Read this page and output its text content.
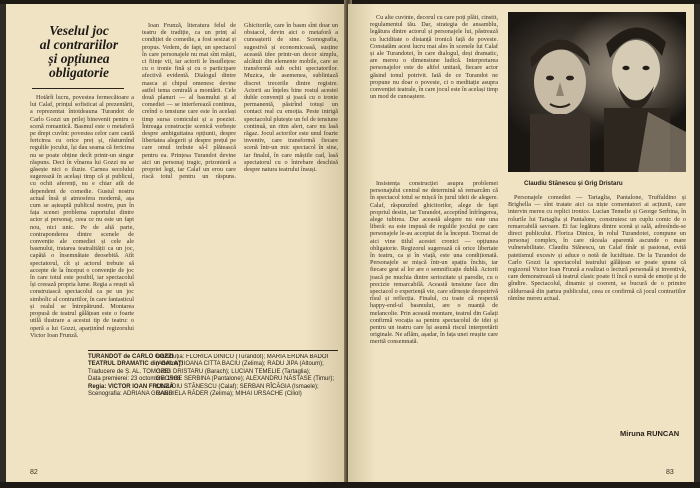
Veselul joc

al contrariilor

și opțiunea obligatorie

Hotărît lucru, povestea fermecătoare a lui Calaf, prințul sofisticat al prezentării, a reprezentat întotdeauna Turandot de Carlo Gozzi un prilej binevenit pentru o scenă romantică. Basmul este o metaforă pe drept cuvînt: povestea celor care caută fericirea cu orice preț și, răsturnînd regulile jocului, își dau seama că fericirea nu se poate obține decît printr-un singur răspuns. Deci în vînarea lui Gozzi nu se găsește nici o iluzie. Carnea secolului sugerează în același timp că și publicul, cu ochii aferenți, nu e chiar atît de dependent de comedie. Gustul nostru actual însă și atmosfera modernă, așa cum se așteaptă publicul nostru, pun în fața scenei problema raportului dintre actor și personaj, ceea ce nu este un fapt nou, nici unic. Pe de altă parte, contraponderea dintre scenele de convenție ale comediei și cele ale basmului, tratarea teatralității ca un joc, capătă o însemnătate deosebită. Atît spectatorul, cît și actorul trebuie să accepte de la început o convenție de joc în care totul este posibil, iar spectacolul își creează propria lume. Regia a reușit să construiască spectacolul ca pe un joc simbolic al contrariilor, în care fantasticul și realul se întrepătrund. Montarea propusă de teatrul gălățean este o foarte utilă ilustrare a acestui tip de teatru: o operă a lui Gozzi, aparținînd regizorului Victor Ioan Frunză.

Ioan Frunză, literatura felul de teatru de tradiție, ca un prinț al condiției de comedie, a fost sesizat și propus. Vedem, de fapt, un spectacol în care personajele nu mai sînt măști, ci ființe vii, iar actorii le însuflețesc cu o ironie fină și cu o participare afectivă evidentă. Dialogul dintre masca și chipul omenesc devine astfel tema centrală a montării. Cele două planuri — al basmului și al comediei — se interferează continuu, creînd o tensiune care este în același timp sursa comicului și a poeziei. Întreaga construcție scenică vorbește despre ambiguitatea opțiunii, despre libertatea alegerii și despre prețul pe care omul trebuie să-l plătească pentru ea. Prințesa Turandot devine aici un personaj tragic, prizonieră a propriei legi, iar Calaf un erou care riscă totul pentru un răspuns. Ghicitorile, care în basm sînt doar un obstacol, devin aici o metaforă a cunoașterii de sine. Scenografia, sugestivă și economicoasă, susține această idee printr-un decor simplu, alcătuit din elemente mobile, care se transformă sub ochii spectatorilor. Muzica, de asemenea, subliniază discret trecerile dintre registre. Actorii au înțeles bine rostul acestei duble convenții și joacă cu o ironie permanentă, păstrînd totuși un contact real cu emoția. Peste intrigă spectacolul plutește un fel de tensiune continuă, un ritm alert, care nu lasă răgaz. Jocul actorilor este unul foarte inventiv, care transformă fiecare scenă într-un mic spectacol în sine, iar finalul, în care măștile cad, lasă spectatorul cu o întrebare deschisă despre natura teatrului însuși.

TURANDOT de CARLO GOZZI
TEATRUL DRAMATIC din GALAȚI
Traducere de Ș. AL. TOMOZEI
Data premierei: 23 octombrie 1988
Regia: VICTOR IOAN FRUNZĂ
Scenografia: ADRIANA GRAND
Distribuția: FLORICA DINICU (Turandot); MARIA ERDNA BADOI (Adelma); IOANA CITTA BACIU (Zelima); RADU JIPA (Altoum); GRIG DRISTARU (Barach); LUCIAN TEMELIE (Tartaglia); GEORGE SERBINA (Pantalone); ALEXANDRU NĂSTASE (Timur); CLAUDIU STĂNESCU (Calaf); SERBAN RÎCĂGIA (Ismaele); GABRIELA RĂDER (Zelima); MIHAI URSACHE (Ciliol)
82

Cu alte cuvinte, decorul cu care poți plăti, cinstit, regulamentul tău. Dar, strategia de ansamblu, legătura dintre actorul și personajele lui, păstrează cu luciditate o distanță ironică față de poveste. Constatăm acest lucru mai ales în scenele lui Calaf și ale Turandotei, în care dialogul, deși dramatic, are mereu o dimensiune ludică. Interpretarea personajelor este de altfel unitară, fiecare actor găsind tonul potrivit. Iată de ce Turandot ne propune nu doar o poveste, ci o meditație asupra convenției teatrale, în care jocul este în același timp un mod de cunoaștere.

Claudiu Stănescu și Grig Dristaru

Insistența construcției asupra problemei personajului central ne determină să remarcăm că în spectacol totul se mișcă în jurul ideii de alegere. Calaf, răspunzînd ghicitorilor, alege de fapt propriul destin, iar Turandot, acceptînd înfrîngerea, alege iubirea. Dar această alegere nu este una liberă: ea este impusă de regulile jocului pe care personajele le-au acceptat de la început. Tocmai de aici vine titlul acestei cronici — opțiunea obligatorie. Regizorul sugerează că orice libertate în teatru, ca și în viață, este una condiționată. Personajele se mișcă într-un spațiu închis, iar fiecare gest al lor are o semnificație dublă. Actorii joacă pe muchia dintre seriozitate și parodie, cu o precizie remarcabilă. Această tensiune face din spectacol o experiență vie, care stîrnește deopotrivă rîsul și reflecția. Finalul, cu toate că respectă happy-end-ul basmului, are o nuanță de melancolie. Prin această montare, teatrul din Galați confirmă vocația sa pentru spectacolul de idei și pentru un teatru care își asumă riscul interpretării originale. Ne aflăm, așadar, în fața unei reușite care merită consemnată.

Personajele comediei — Tartaglia, Pantalone, Truffaldino și Brighella — sînt tratate aici ca niște comentatori ai acțiunii, care intervin mereu cu replici ironice. Lucian Temelie și George Serbina, în rolurile lui Tartaglia și Pantalone, construiesc un cuplu comic de o remarcabilă savoare. Ei fac legătura dintre scenă și sală, adresîndu-se direct publicului. Florica Dinicu, în rolul Turandotei, compune un personaj complex, în care răceala aparentă ascunde o mare vulnerabilitate. Claudiu Stănescu, un Calaf tînăr și pasionat, evită patetismul excesiv și aduce o notă de luciditate. De la Turandot de Carlo Gozzi la spectacolul teatrului gălățean se poate spune că regizorul Victor Ioan Frunză a realizat o lectură personală și inventivă, care demonstrează că teatrul clasic poate fi încă o sursă de emoție și de gîndire. Spectacolul, dinamic și coerent, se bucură de o primire călduroasă din partea publicului, ceea ce confirmă că jocul contrariilor rămîne mereu actual.

Miruna RUNCAN
83
